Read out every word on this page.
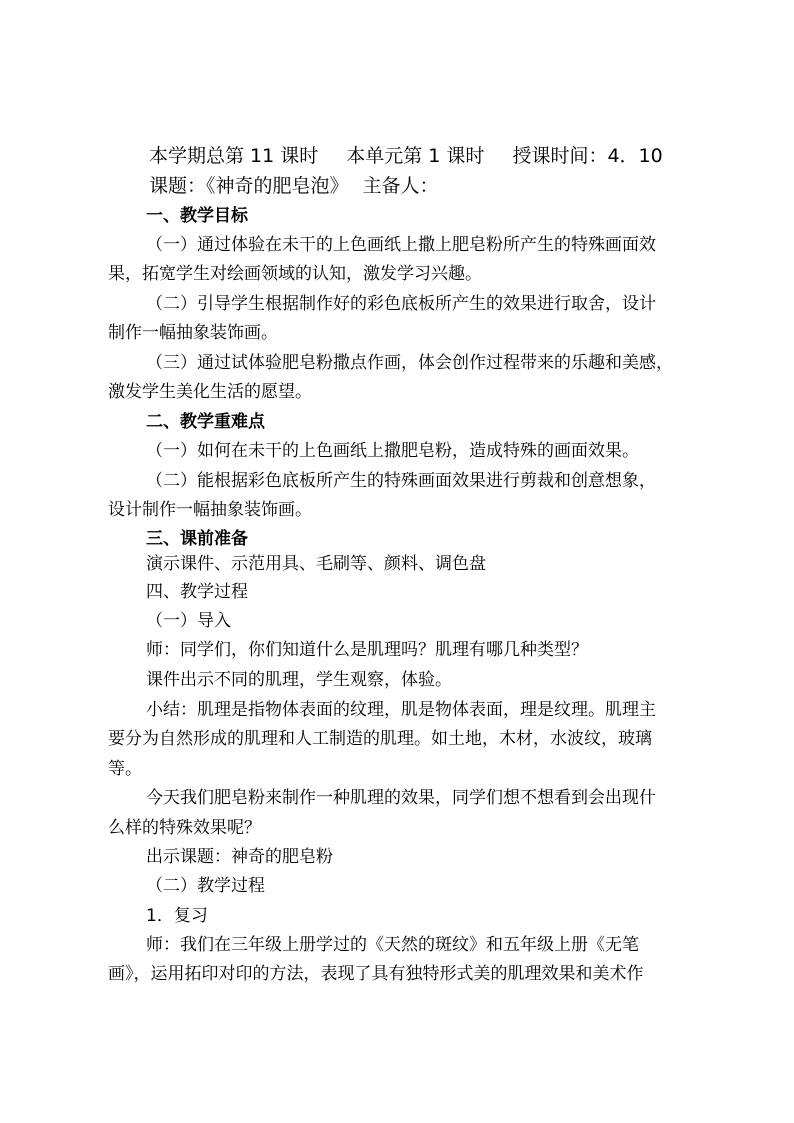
本学期总第 11 课时 本单元第 1 课时 授课时间：4．10
课题：《神奇的肥皂泡》 主备人：
一、教学目标
（一）通过体验在未干的上色画纸上撒上肥皂粉所产生的特殊画面效
果，拓宽学生对绘画领域的认知，激发学习兴趣。
（二）引导学生根据制作好的彩色底板所产生的效果进行取舍，设计
制作一幅抽象装饰画。
（三）通过试体验肥皂粉撒点作画，体会创作过程带来的乐趣和美感，
激发学生美化生活的愿望。
二、教学重难点
（一）如何在未干的上色画纸上撒肥皂粉，造成特殊的画面效果。
（二）能根据彩色底板所产生的特殊画面效果进行剪裁和创意想象，
设计制作一幅抽象装饰画。
三、课前准备
演示课件、示范用具、毛刷等、颜料、调色盘
四、教学过程
（一）导入
师：同学们，你们知道什么是肌理吗？肌理有哪几种类型？
课件出示不同的肌理，学生观察，体验。
小结：肌理是指物体表面的纹理，肌是物体表面，理是纹理。肌理主
要分为自然形成的肌理和人工制造的肌理。如土地，木材，水波纹，玻璃
等。
今天我们肥皂粉来制作一种肌理的效果，同学们想不想看到会出现什
么样的特殊效果呢？
出示课题：神奇的肥皂粉
（二）教学过程
1．复习
师：我们在三年级上册学过的《天然的斑纹》和五年级上册《无笔
画》，运用拓印对印的方法，表现了具有独特形式美的肌理效果和美术作
